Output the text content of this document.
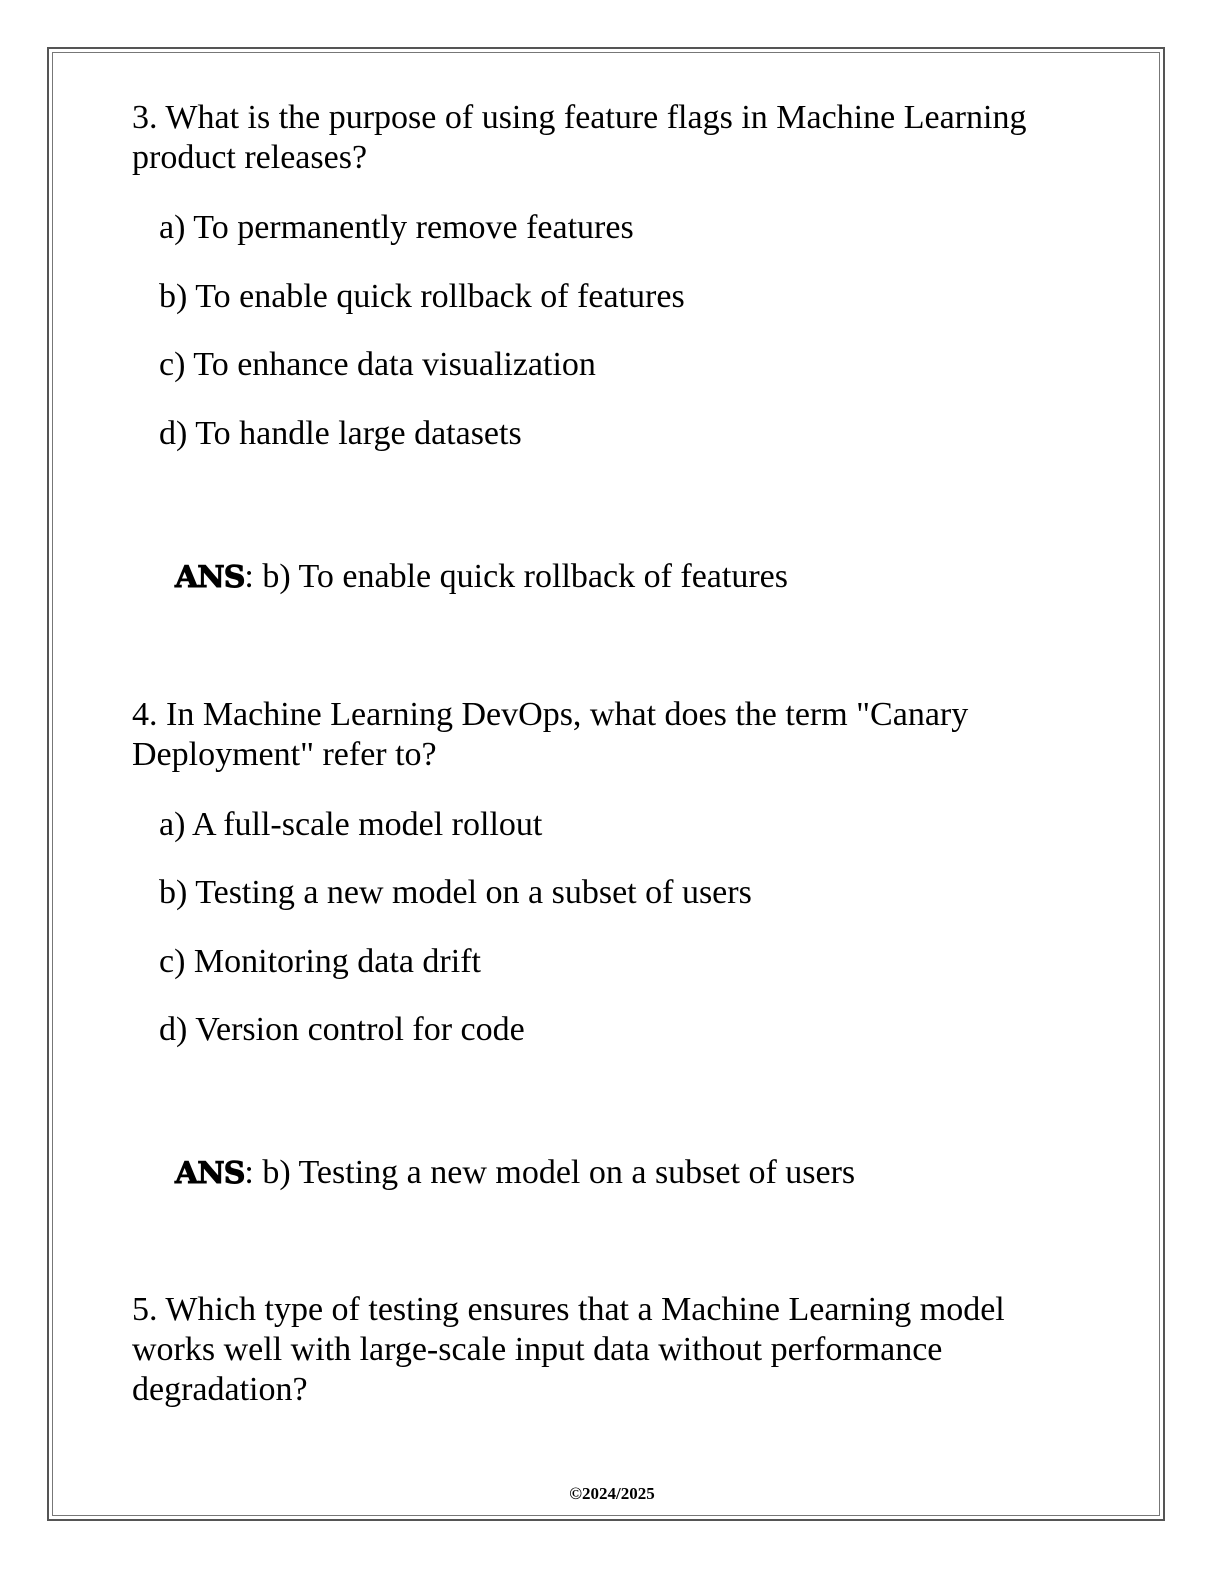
3. What is the purpose of using feature flags in Machine Learning product releases?

a) To permanently remove features

b) To enable quick rollback of features

c) To enhance data visualization

d) To handle large datasets

ANS: b) To enable quick rollback of features

4. In Machine Learning DevOps, what does the term "Canary Deployment" refer to?

a) A full-scale model rollout

b) Testing a new model on a subset of users

c) Monitoring data drift

d) Version control for code

ANS: b) Testing a new model on a subset of users

5. Which type of testing ensures that a Machine Learning model works well with large-scale input data without performance degradation?

©2024/2025
